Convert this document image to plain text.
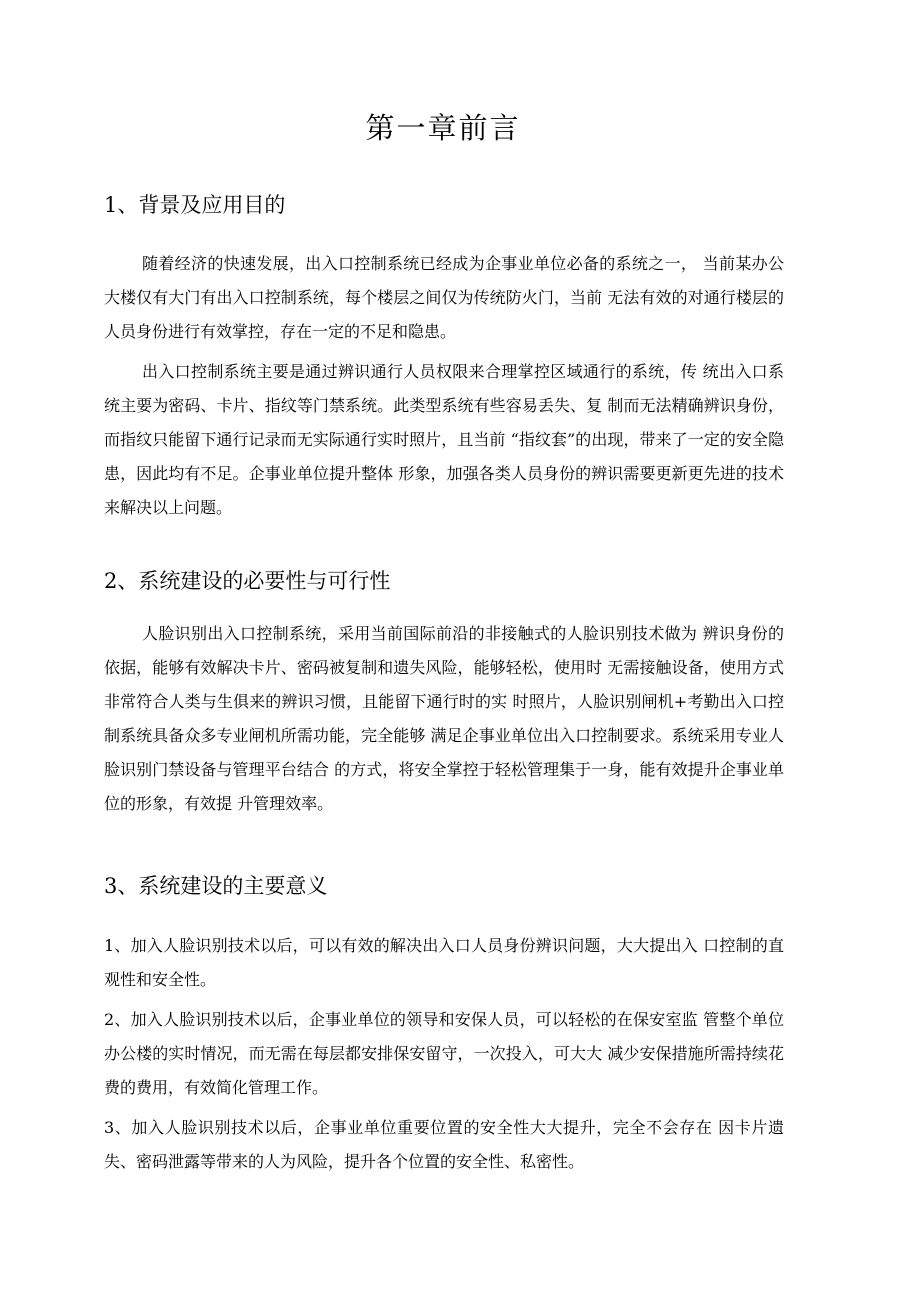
第一章前言
1、背景及应用目的

随着经济的快速发展，出入口控制系统已经成为企事业单位必备的系统之一， 当前某办公大楼仅有大门有出入口控制系统，每个楼层之间仅为传统防火门，当前 无法有效的对通行楼层的人员身份进行有效掌控，存在一定的不足和隐患。

出入口控制系统主要是通过辨识通行人员权限来合理掌控区域通行的系统，传 统出入口系统主要为密码、卡片、指纹等门禁系统。此类型系统有些容易丢失、复 制而无法精确辨识身份，而指纹只能留下通行记录而无实际通行实时照片，且当前 “指纹套”的出现，带来了一定的安全隐患，因此均有不足。企事业单位提升整体 形象，加强各类人员身份的辨识需要更新更先进的技术来解决以上问题。

2、系统建设的必要性与可行性

人脸识别出入口控制系统，采用当前国际前沿的非接触式的人脸识别技术做为 辨识身份的依据，能够有效解决卡片、密码被复制和遗失风险，能够轻松，使用时 无需接触设备，使用方式非常符合人类与生俱来的辨识习惯，且能留下通行时的实 时照片，人脸识别闸机+考勤出入口控制系统具备众多专业闸机所需功能，完全能够 满足企事业单位出入口控制要求。系统采用专业人脸识别门禁设备与管理平台结合 的方式，将安全掌控于轻松管理集于一身，能有效提升企事业单位的形象，有效提 升管理效率。

3、系统建设的主要意义

1、加入人脸识别技术以后，可以有效的解决出入口人员身份辨识问题，大大提出入 口控制的直观性和安全性。

2、加入人脸识别技术以后，企事业单位的领导和安保人员，可以轻松的在保安室监 管整个单位办公楼的实时情况，而无需在每层都安排保安留守，一次投入，可大大 减少安保措施所需持续花费的费用，有效简化管理工作。

3、加入人脸识别技术以后，企事业单位重要位置的安全性大大提升，完全不会存在 因卡片遗失、密码泄露等带来的人为风险，提升各个位置的安全性、私密性。
